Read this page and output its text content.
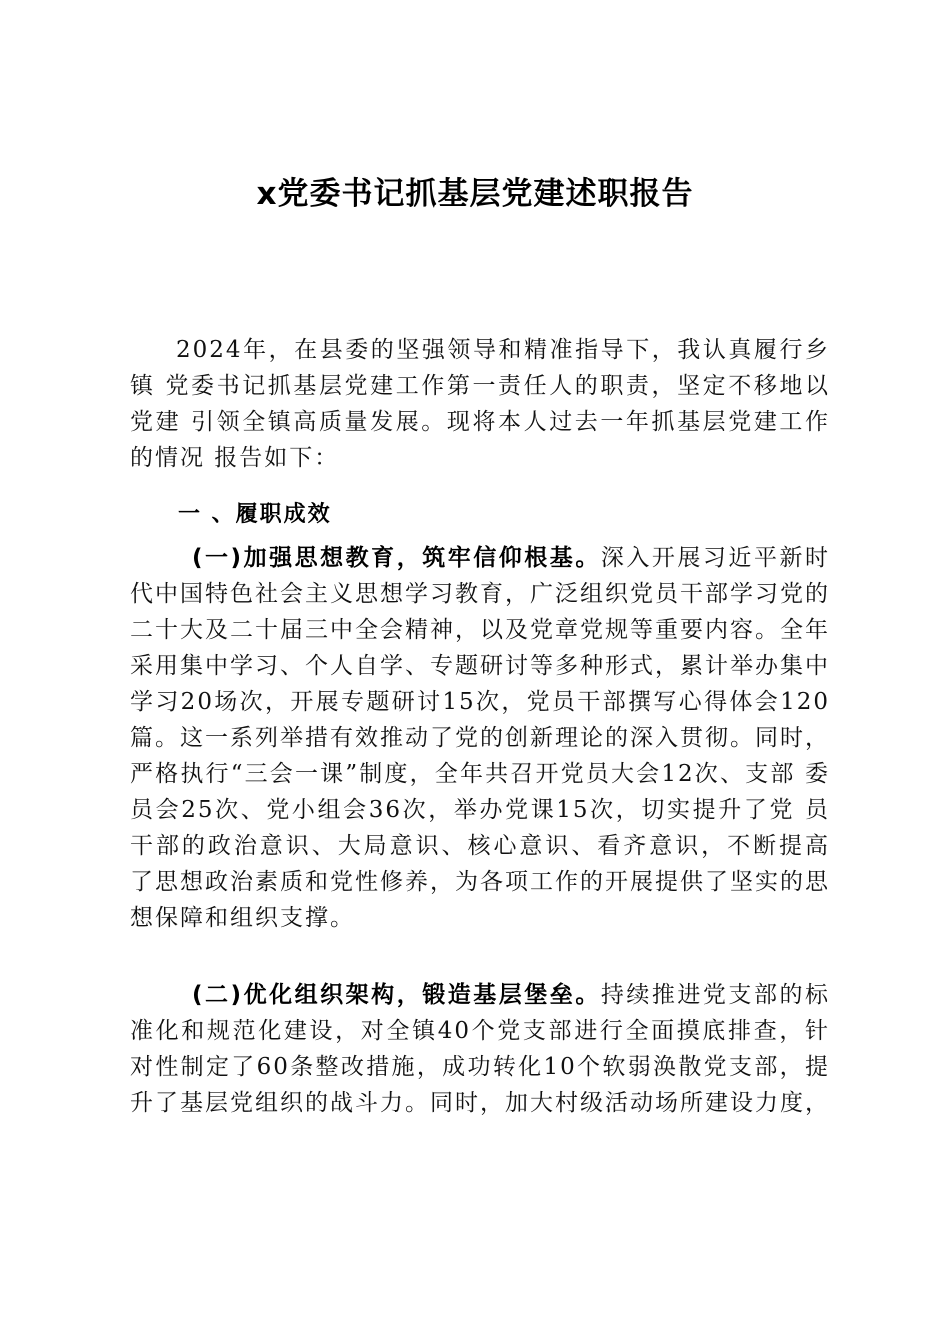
x党委书记抓基层党建述职报告

2024年，在县委的坚强领导和精准指导下，我认真履行乡镇 党委书记抓基层党建工作第一责任人的职责，坚定不移地以党建 引领全镇高质量发展。现将本人过去一年抓基层党建工作的情况 报告如下：

一 、履职成效

(一)加强思想教育，筑牢信仰根基。深入开展习近平新时代中国特色社会主义思想学习教育，广泛组织党员干部学习党的二十大及二十届三中全会精神，以及党章党规等重要内容。全年采用集中学习、个人自学、专题研讨等多种形式，累计举办集中学习20场次，开展专题研讨15次，党员干部撰写心得体会120 篇。这一系列举措有效推动了党的创新理论的深入贯彻。同时， 严格执行“三会一课”制度，全年共召开党员大会12次、支部 委员会25次、党小组会36次，举办党课15次，切实提升了党 员干部的政治意识、大局意识、核心意识、看齐意识，不断提高 了思想政治素质和党性修养，为各项工作的开展提供了坚实的思 想保障和组织支撑。

(二)优化组织架构，锻造基层堡垒。持续推进党支部的标准化和规范化建设，对全镇40个党支部进行全面摸底排查，针 对性制定了60条整改措施，成功转化10个软弱涣散党支部，提 升了基层党组织的战斗力。同时，加大村级活动场所建设力度，
